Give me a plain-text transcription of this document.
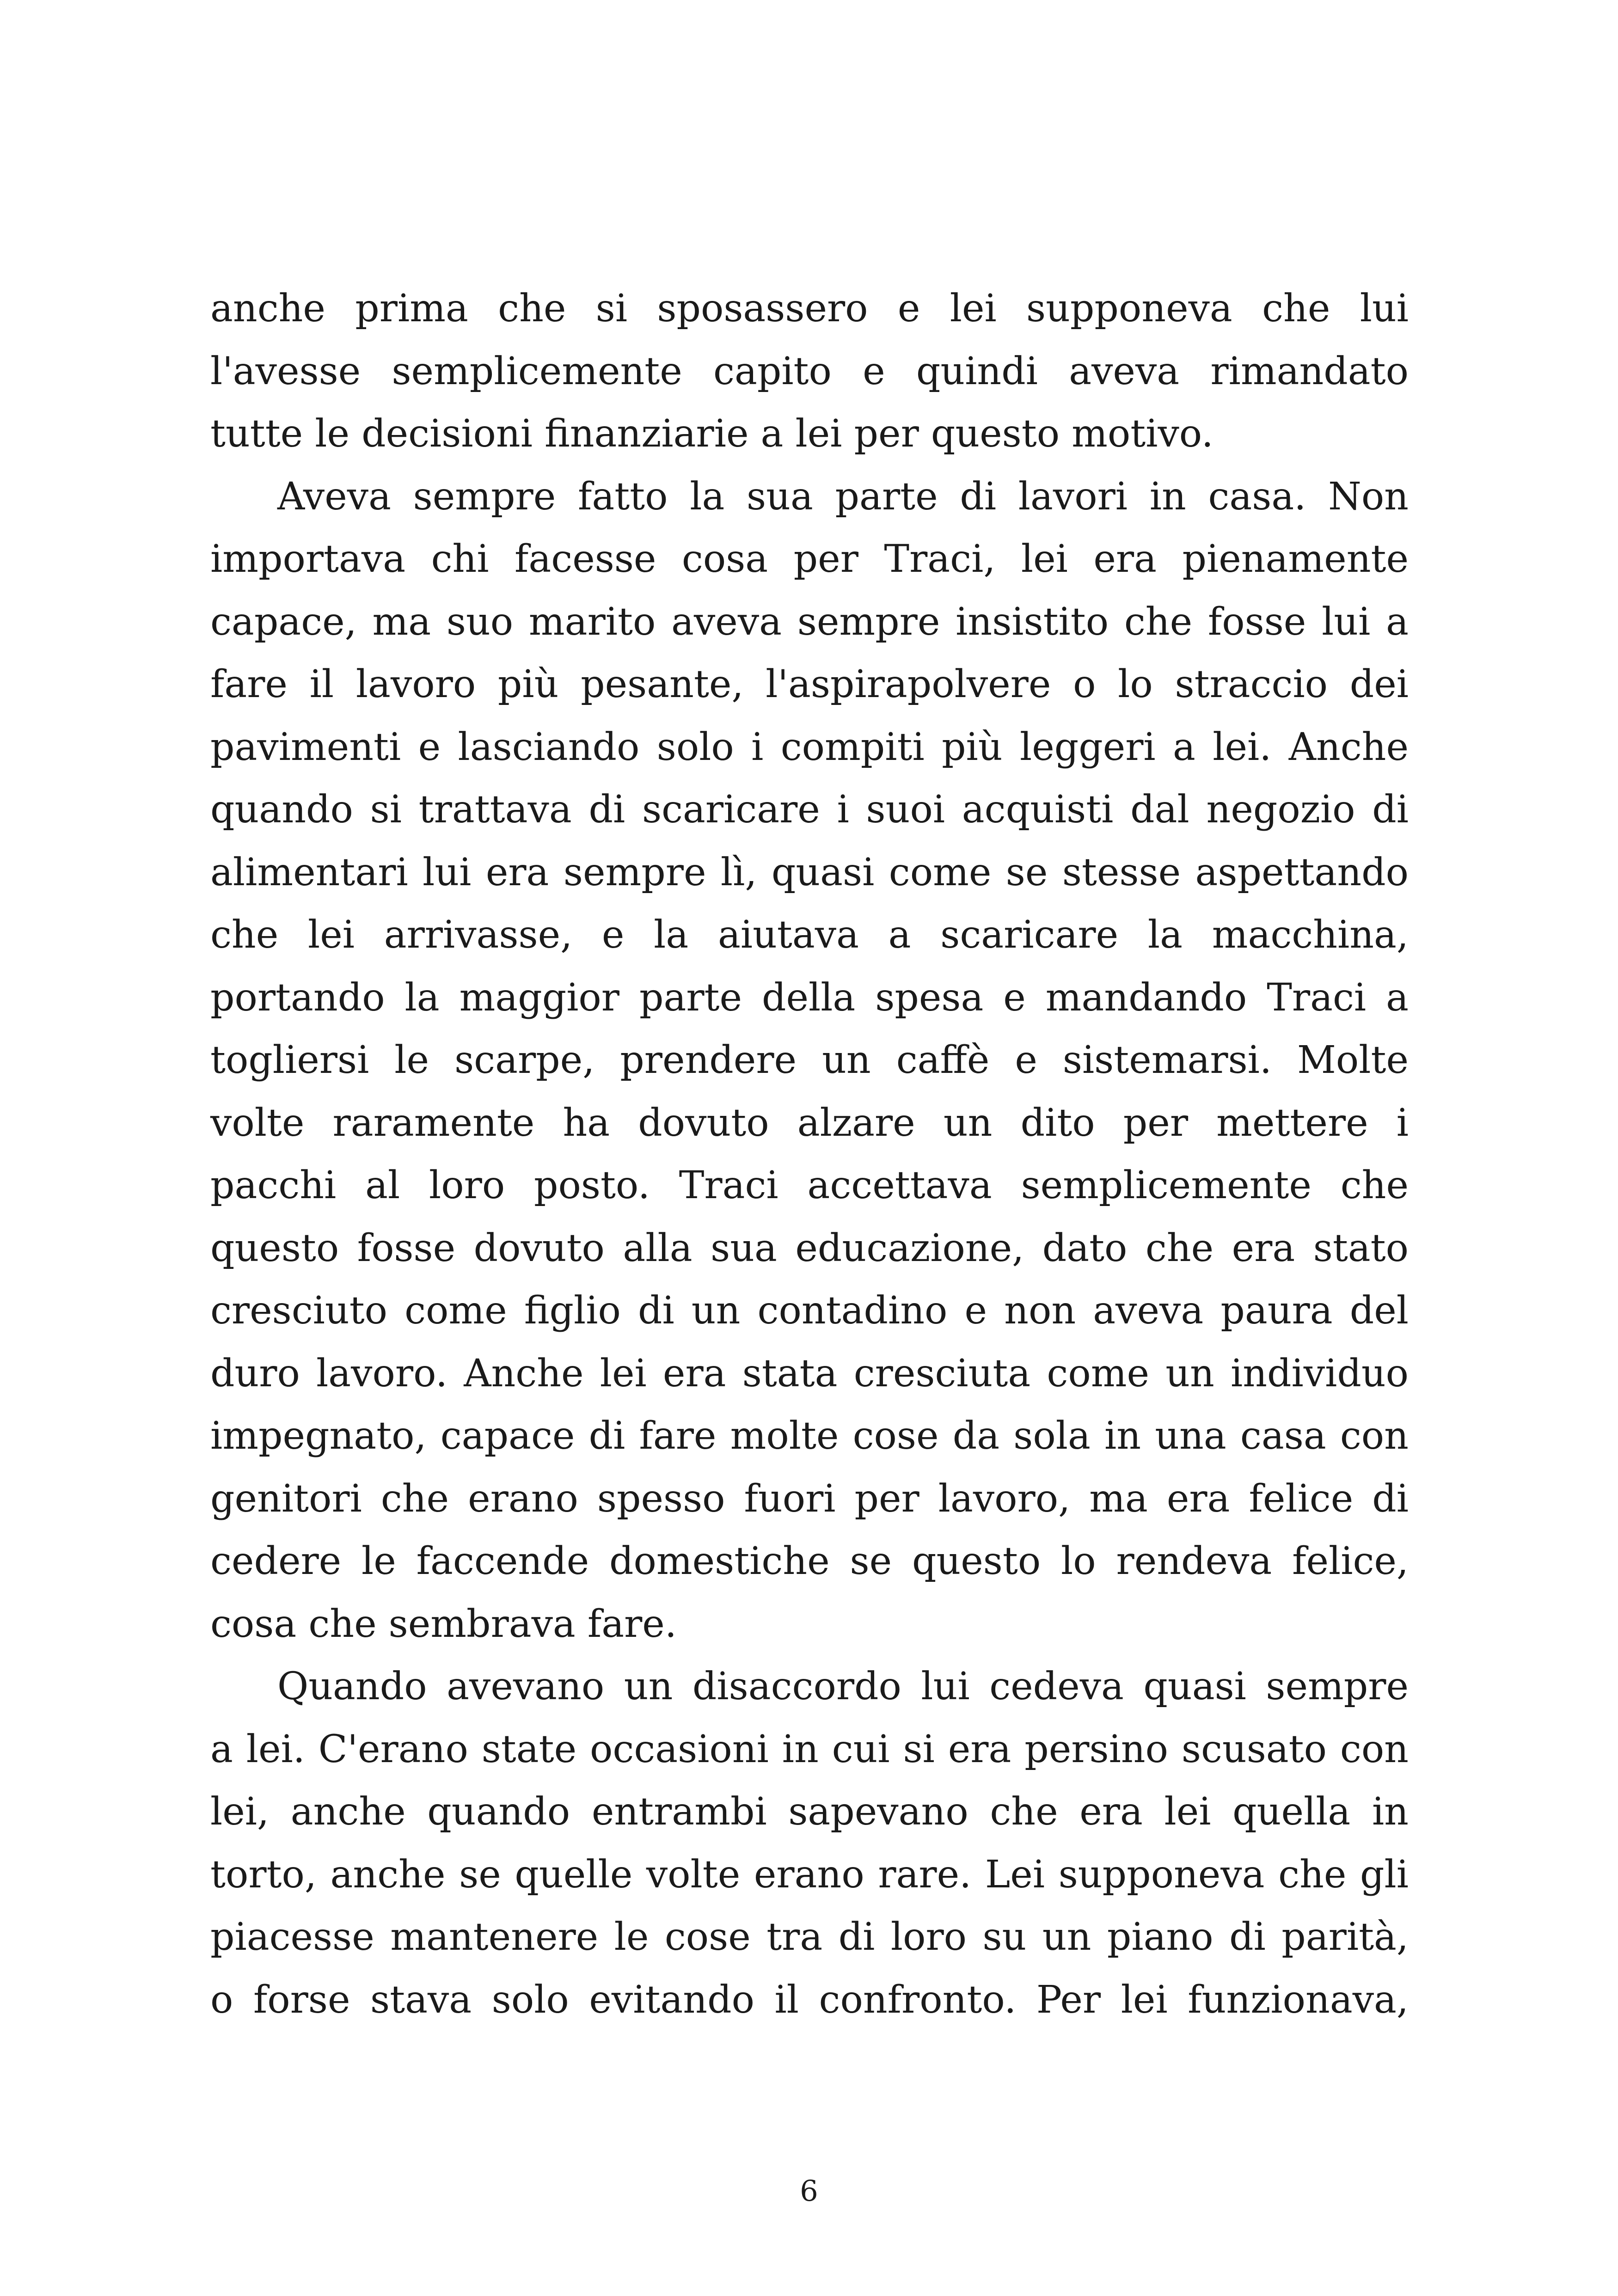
anche prima che si sposassero e lei supponeva che lui
l'avesse semplicemente capito e quindi aveva rimandato
tutte le decisioni finanziarie a lei per questo motivo.
Aveva sempre fatto la sua parte di lavori in casa. Non
importava chi facesse cosa per Traci, lei era pienamente
capace, ma suo marito aveva sempre insistito che fosse lui a
fare il lavoro più pesante, l'aspirapolvere o lo straccio dei
pavimenti e lasciando solo i compiti più leggeri a lei. Anche
quando si trattava di scaricare i suoi acquisti dal negozio di
alimentari lui era sempre lì, quasi come se stesse aspettando
che lei arrivasse, e la aiutava a scaricare la macchina,
portando la maggior parte della spesa e mandando Traci a
togliersi le scarpe, prendere un caffè e sistemarsi. Molte
volte raramente ha dovuto alzare un dito per mettere i
pacchi al loro posto. Traci accettava semplicemente che
questo fosse dovuto alla sua educazione, dato che era stato
cresciuto come figlio di un contadino e non aveva paura del
duro lavoro. Anche lei era stata cresciuta come un individuo
impegnato, capace di fare molte cose da sola in una casa con
genitori che erano spesso fuori per lavoro, ma era felice di
cedere le faccende domestiche se questo lo rendeva felice,
cosa che sembrava fare.
Quando avevano un disaccordo lui cedeva quasi sempre
a lei. C'erano state occasioni in cui si era persino scusato con
lei, anche quando entrambi sapevano che era lei quella in
torto, anche se quelle volte erano rare. Lei supponeva che gli
piacesse mantenere le cose tra di loro su un piano di parità,
o forse stava solo evitando il confronto. Per lei funzionava,
6
